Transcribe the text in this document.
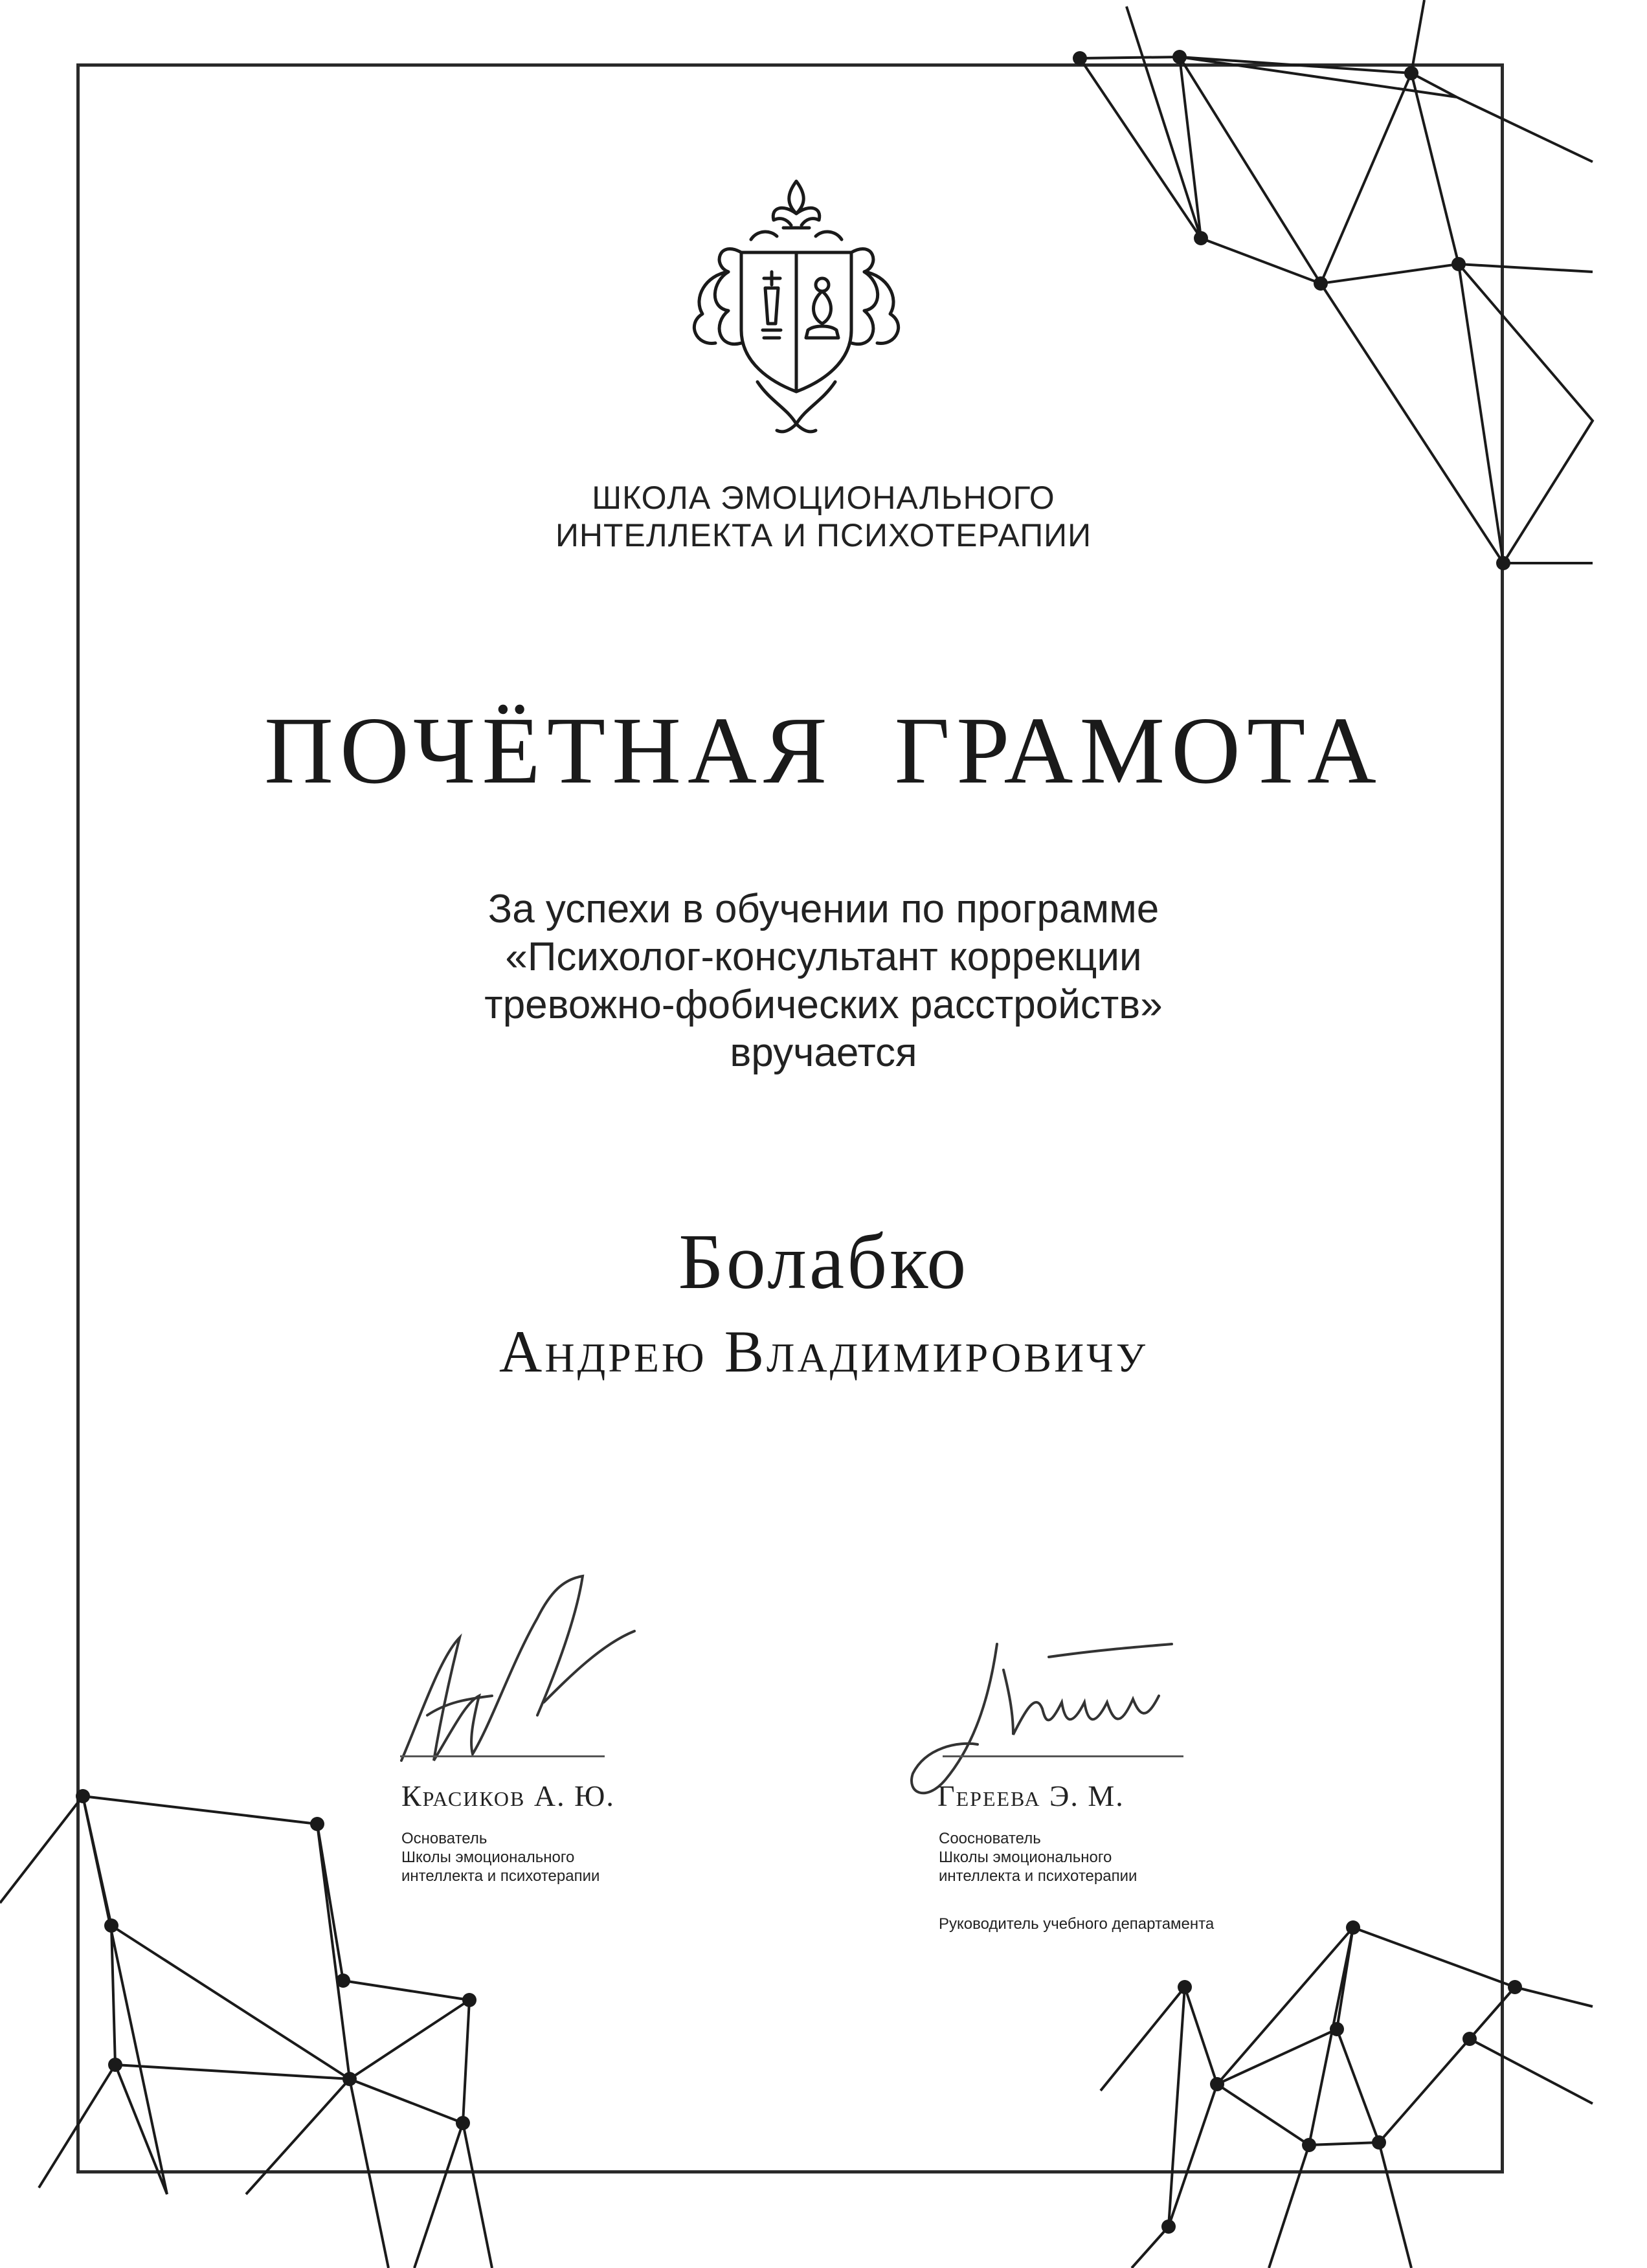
ШКОЛА ЭМОЦИОНАЛЬНОГО
ИНТЕЛЛЕКТА И ПСИХОТЕРАПИИ
ПОЧЁТНАЯ  ГРАМОТА
За успехи в обучении по программе
«Психолог-консультант коррекции
тревожно-фобических расстройств»
вручается
Болабко
Андрею Владимировичу
Красиков А. Ю.
Основатель
Школы эмоционального
интеллекта и психотерапии
Гереева Э. М.
Сооснователь
Школы эмоционального
интеллекта и психотерапии
Руководитель учебного департамента
